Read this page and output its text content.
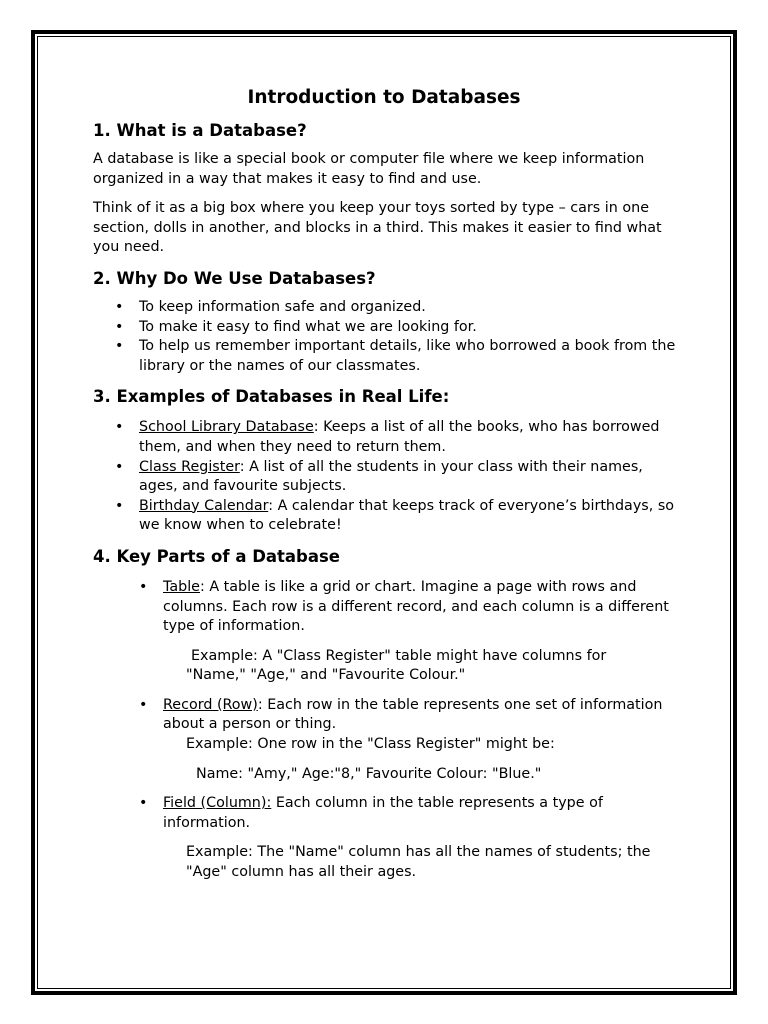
Introduction to Databases
1. What is a Database?
A database is like a special book or computer file where we keep information organized in a way that makes it easy to find and use.
Think of it as a big box where you keep your toys sorted by type – cars in one section, dolls in another, and blocks in a third. This makes it easier to find what you need.
2. Why Do We Use Databases?
• To keep information safe and organized.
• To make it easy to find what we are looking for.
• To help us remember important details, like who borrowed a book from the library or the names of our classmates.
3. Examples of Databases in Real Life:
• School Library Database: Keeps a list of all the books, who has borrowed them, and when they need to return them.
• Class Register: A list of all the students in your class with their names, ages, and favourite subjects.
• Birthday Calendar: A calendar that keeps track of everyone’s birthdays, so we know when to celebrate!
4. Key Parts of a Database
• Table: A table is like a grid or chart. Imagine a page with rows and columns. Each row is a different record, and each column is a different type of information.
Example: A "Class Register" table might have columns for "Name," "Age," and "Favourite Colour."
• Record (Row): Each row in the table represents one set of information about a person or thing.
Example: One row in the "Class Register" might be:
Name: "Amy," Age:"8," Favourite Colour: "Blue."
• Field (Column): Each column in the table represents a type of information.
Example: The "Name" column has all the names of students; the "Age" column has all their ages.
